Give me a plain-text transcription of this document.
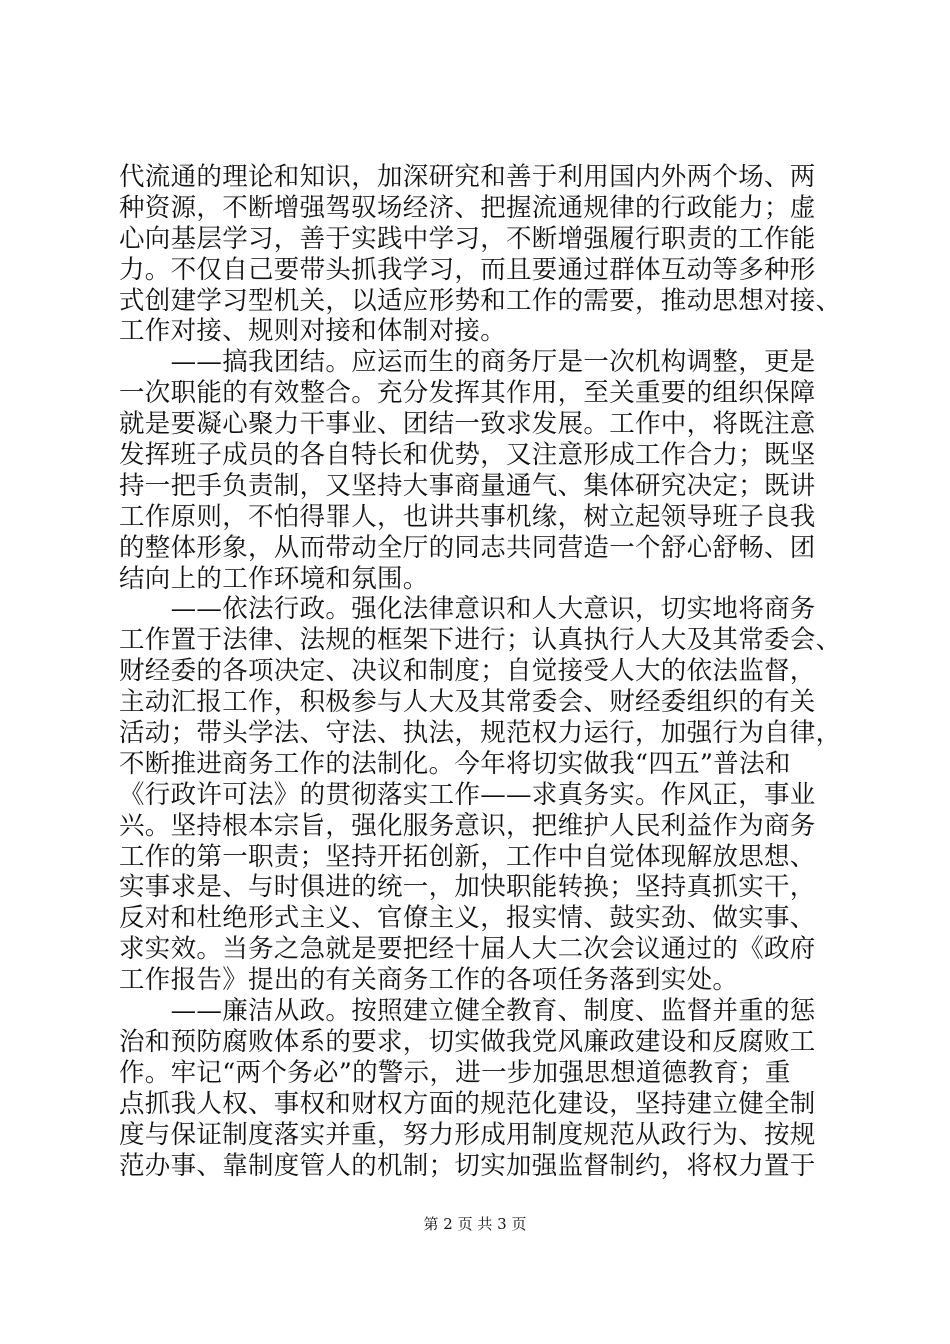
代流通的理论和知识，加深研究和善于利用国内外两个场、两
种资源，不断增强驾驭场经济、把握流通规律的行政能力；虚
心向基层学习，善于实践中学习，不断增强履行职责的工作能
力。不仅自己要带头抓我学习，而且要通过群体互动等多种形
式创建学习型机关，以适应形势和工作的需要，推动思想对接、
工作对接、规则对接和体制对接。
　　——搞我团结。应运而生的商务厅是一次机构调整，更是
一次职能的有效整合。充分发挥其作用，至关重要的组织保障
就是要凝心聚力干事业、团结一致求发展。工作中，将既注意
发挥班子成员的各自特长和优势，又注意形成工作合力；既坚
持一把手负责制，又坚持大事商量通气、集体研究决定；既讲
工作原则，不怕得罪人，也讲共事机缘，树立起领导班子良我
的整体形象，从而带动全厅的同志共同营造一个舒心舒畅、团
结向上的工作环境和氛围。
　　——依法行政。强化法律意识和人大意识，切实地将商务
工作置于法律、法规的框架下进行；认真执行人大及其常委会、
财经委的各项决定、决议和制度；自觉接受人大的依法监督，
主动汇报工作，积极参与人大及其常委会、财经委组织的有关
活动；带头学法、守法、执法，规范权力运行，加强行为自律，
不断推进商务工作的法制化。今年将切实做我“四五”普法和
《行政许可法》的贯彻落实工作——求真务实。作风正，事业
兴。坚持根本宗旨，强化服务意识，把维护人民利益作为商务
工作的第一职责；坚持开拓创新，工作中自觉体现解放思想、
实事求是、与时俱进的统一，加快职能转换；坚持真抓实干，
反对和杜绝形式主义、官僚主义，报实情、鼓实劲、做实事、
求实效。当务之急就是要把经十届人大二次会议通过的《政府
工作报告》提出的有关商务工作的各项任务落到实处。
　　——廉洁从政。按照建立健全教育、制度、监督并重的惩
治和预防腐败体系的要求，切实做我党风廉政建设和反腐败工
作。牢记“两个务必”的警示，进一步加强思想道德教育；重
点抓我人权、事权和财权方面的规范化建设，坚持建立健全制
度与保证制度落实并重，努力形成用制度规范从政行为、按规
范办事、靠制度管人的机制；切实加强监督制约，将权力置于
第 2 页 共 3 页
